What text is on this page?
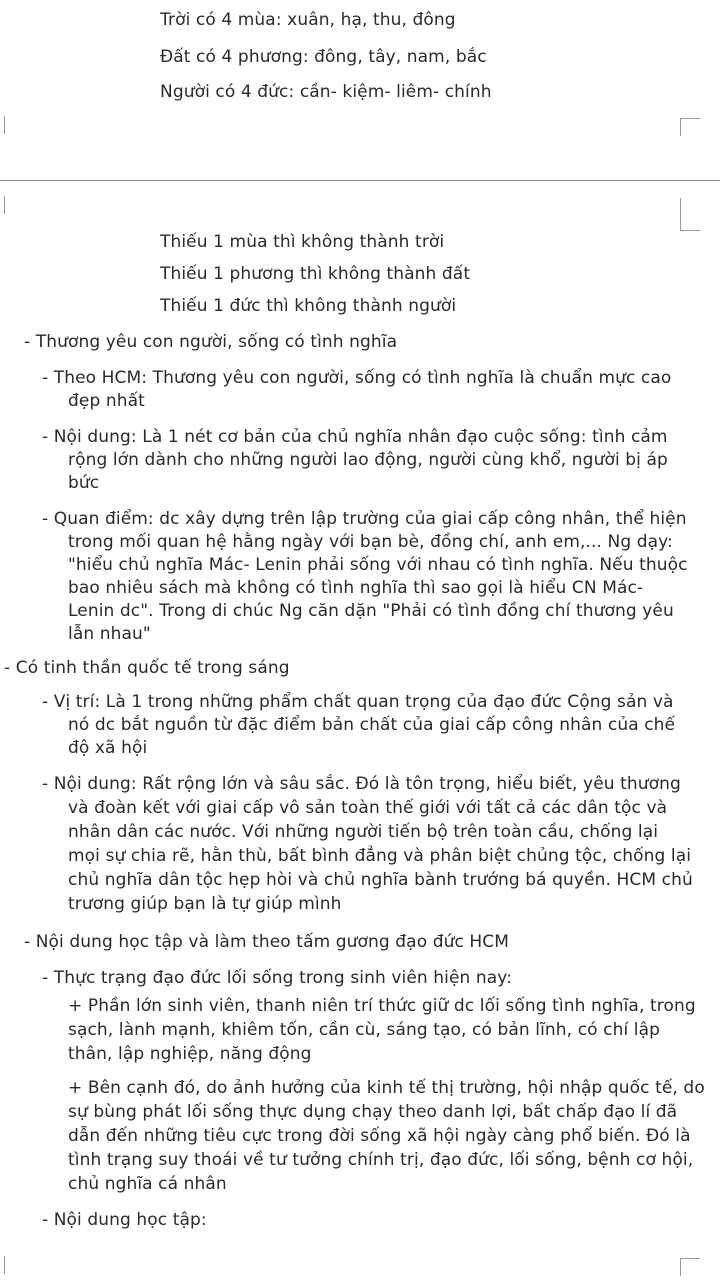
Trời có 4 mùa: xuân, hạ, thu, đông
Đất có 4 phương: đông, tây, nam, bắc
Người có 4 đức: cần- kiệm- liêm- chính
Thiếu 1 mùa thì không thành trời
Thiếu 1 phương thì không thành đất
Thiếu 1 đức thì không thành người
- Thương yêu con người, sống có tình nghĩa
- Theo HCM: Thương yêu con người, sống có tình nghĩa là chuẩn mực cao
đẹp nhất
- Nội dung: Là 1 nét cơ bản của chủ nghĩa nhân đạo cuộc sống: tình cảm
rộng lớn dành cho những người lao động, người cùng khổ, người bị áp
bức
- Quan điểm: dc xây dựng trên lập trường của giai cấp công nhân, thể hiện
trong mối quan hệ hằng ngày với bạn bè, đồng chí, anh em,... Ng dạy:
"hiểu chủ nghĩa Mác- Lenin phải sống với nhau có tình nghĩa. Nếu thuộc
bao nhiêu sách mà không có tình nghĩa thì sao gọi là hiểu CN Mác-
Lenin dc". Trong di chúc Ng căn dặn "Phải có tình đồng chí thương yêu
lẫn nhau"
- Có tinh thần quốc tế trong sáng
- Vị trí: Là 1 trong những phẩm chất quan trọng của đạo đức Cộng sản và
nó dc bắt nguồn từ đặc điểm bản chất của giai cấp công nhân của chế
độ xã hội
- Nội dung: Rất rộng lớn và sâu sắc. Đó là tôn trọng, hiểu biết, yêu thương
và đoàn kết với giai cấp vô sản toàn thế giới với tất cả các dân tộc và
nhân dân các nước. Với những người tiến bộ trên toàn cầu, chống lại
mọi sự chia rẽ, hằn thù, bất bình đẳng và phân biệt chủng tộc, chống lại
chủ nghĩa dân tộc hẹp hòi và chủ nghĩa bành trướng bá quyền. HCM chủ
trương giúp bạn là tự giúp mình
- Nội dung học tập và làm theo tấm gương đạo đức HCM
- Thực trạng đạo đức lối sống trong sinh viên hiện nay:
+ Phần lớn sinh viên, thanh niên trí thức giữ dc lối sống tình nghĩa, trong
sạch, lành mạnh, khiêm tốn, cần cù, sáng tạo, có bản lĩnh, có chí lập
thân, lập nghiệp, năng động
+ Bên cạnh đó, do ảnh hưởng của kinh tế thị trường, hội nhập quốc tế, do
sự bùng phát lối sống thực dụng chạy theo danh lợi, bất chấp đạo lí đã
dẫn đến những tiêu cực trong đời sống xã hội ngày càng phổ biến. Đó là
tình trạng suy thoái về tư tưởng chính trị, đạo đức, lối sống, bệnh cơ hội,
chủ nghĩa cá nhân
- Nội dung học tập:
